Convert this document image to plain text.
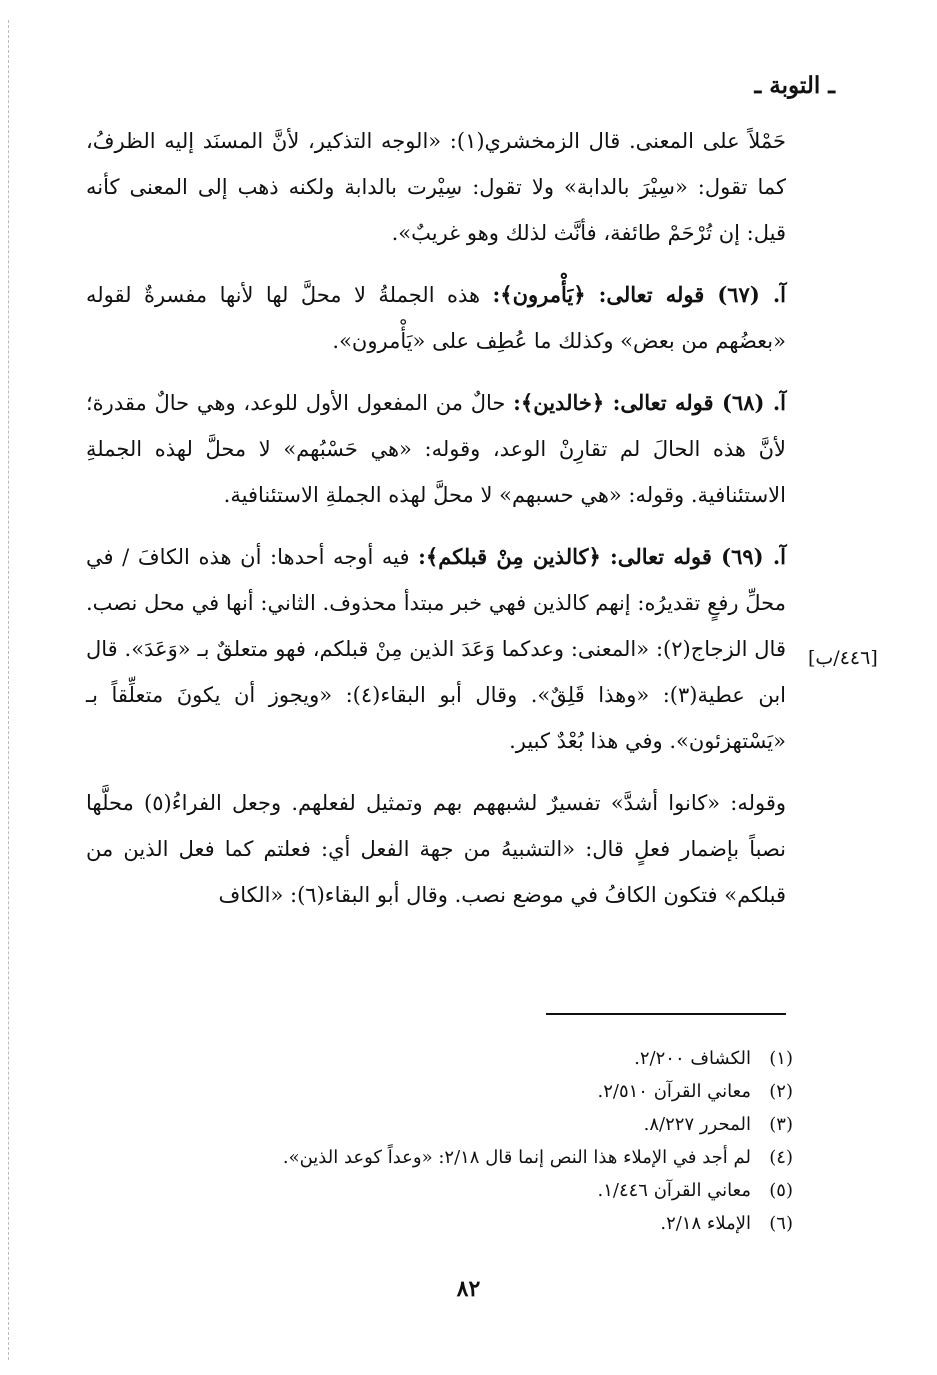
ـ التوبة ـ

حَمْلاً على المعنى. قال الزمخشري(١): «الوجه التذكير، لأنَّ المسنَد إليه الظرفُ، كما تقول: «سِيْرَ بالدابة» ولا تقول: سِيْرت بالدابة ولكنه ذهب إلى المعنى كأنه قيل: إن تُرْحَمْ طائفة، فأنَّث لذلك وهو غريبٌ».

آ. (٦٧) قوله تعالى: ﴿يَأْمرون﴾: هذه الجملةُ لا محلَّ لها لأنها مفسرةٌ لقوله «بعضُهم من بعض» وكذلك ما عُطِف على «يَأْمرون».

آ. (٦٨) قوله تعالى: ﴿خالدين﴾: حالٌ من المفعول الأول للوعد، وهي حالٌ مقدرة؛ لأنَّ هذه الحالَ لم تقارِنْ الوعد، وقوله: «هي حَسْبُهم» لا محلَّ لهذه الجملةِ الاستئنافية. وقوله: «هي حسبهم» لا محلَّ لهذه الجملةِ الاستئنافية.

آ. (٦٩) قوله تعالى: ﴿كالذين مِنْ قبلكم﴾: فيه أوجه أحدها: أن هذه الكافَ / في محلِّ رفعٍ تقديرُه: إنهم كالذين فهي خبر مبتدأ محذوف. الثاني: أنها في محل نصب. قال الزجاج(٢): «المعنى: وعدكما وَعَدَ الذين مِنْ قبلكم، فهو متعلقٌ بـ «وَعَدَ». قال ابن عطية(٣): «وهذا قَلِقٌ». وقال أبو البقاء(٤): «ويجوز أن يكونَ متعلِّقاً بـ «يَسْتهزئون». وفي هذا بُعْدٌ كبير.

وقوله: «كانوا أشدَّ» تفسيرٌ لشبههم بهم وتمثيل لفعلهم. وجعل الفراءُ(٥) محلَّها نصباً بإضمار فعلٍ قال: «التشبيهُ من جهة الفعل أي: فعلتم كما فعل الذين من قبلكم» فتكون الكافُ في موضع نصب. وقال أبو البقاء(٦): «الكاف

[٤٤٦/ب]
(١)الكشاف ٢/٢٠٠.
(٢)معاني القرآن ٢/٥١٠.
(٣)المحرر ٨/٢٢٧.
(٤)لم أجد في الإملاء هذا النص إنما قال ٢/١٨: «وعداً كوعد الذين».
(٥)معاني القرآن ١/٤٤٦.
(٦)الإملاء ٢/١٨.
٨٢
